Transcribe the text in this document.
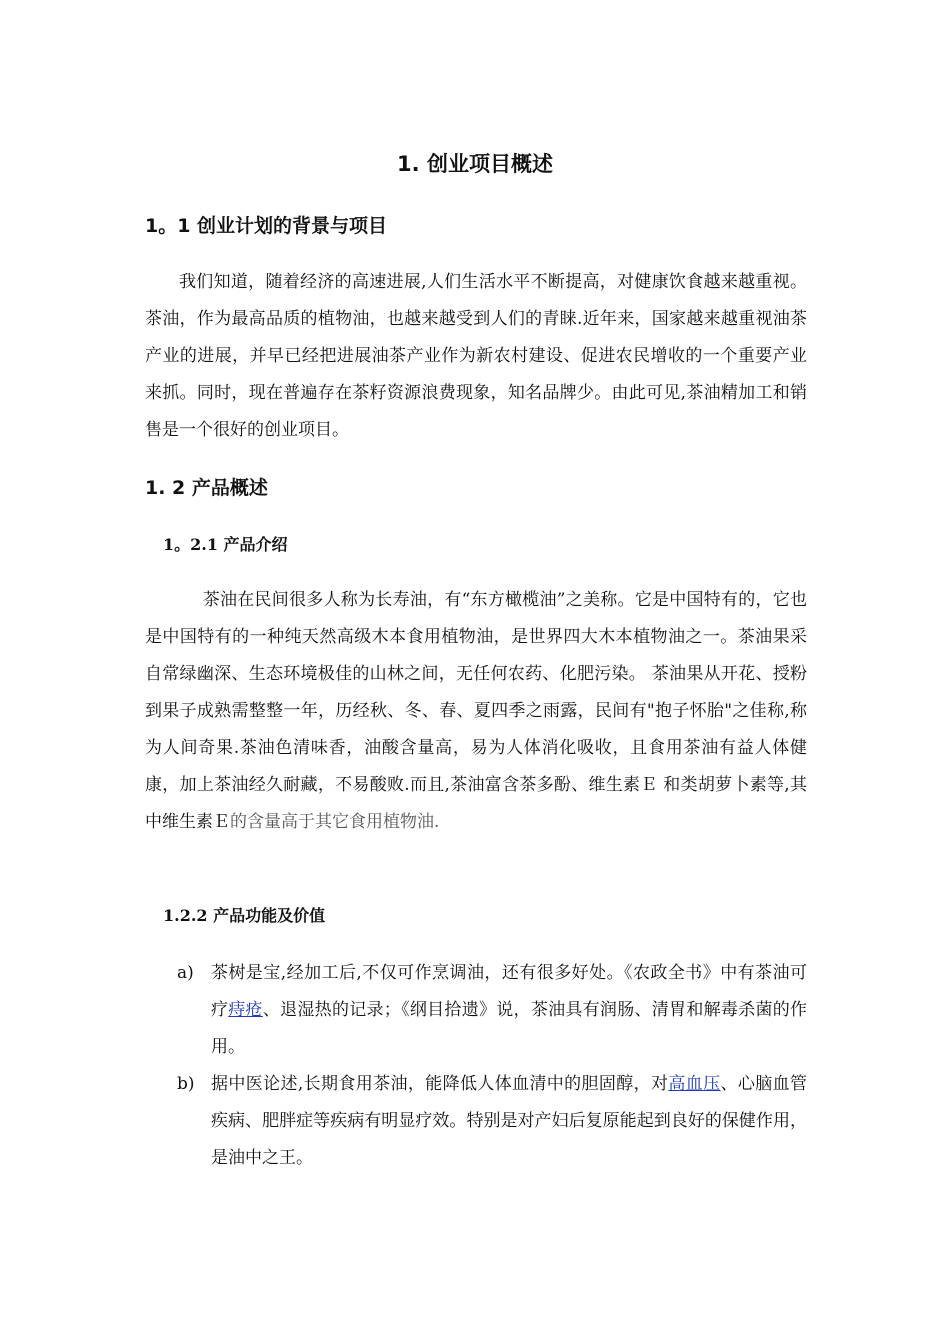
1. 创业项目概述
1。1 创业计划的背景与项目

我们知道，随着经济的高速进展,人们生活水平不断提高，对健康饮食越来越重视。茶油，作为最高品质的植物油，也越来越受到人们的青睐.近年来，国家越来越重视油茶产业的进展，并早已经把进展油茶产业作为新农村建设、促进农民增收的一个重要产业来抓。同时，现在普遍存在茶籽资源浪费现象，知名品牌少。由此可见,茶油精加工和销售是一个很好的创业项目。

1. 2 产品概述
1。2.1 产品介绍

茶油在民间很多人称为长寿油，有“东方橄榄油”之美称。它是中国特有的，它也是中国特有的一种纯天然高级木本食用植物油，是世界四大木本植物油之一。茶油果采自常绿幽深、生态环境极佳的山林之间，无任何农药、化肥污染。 茶油果从开花、授粉到果子成熟需整整一年，历经秋、冬、春、夏四季之雨露，民间有"抱子怀胎"之佳称,称为人间奇果.茶油色清味香，油酸含量高，易为人体消化吸收，且食用茶油有益人体健康，加上茶油经久耐藏，不易酸败.而且,茶油富含茶多酚、维生素Ｅ 和类胡萝卜素等,其中维生素Ｅ的含量高于其它食用植物油.

1.2.2 产品功能及价值
a) 茶树是宝,经加工后,不仅可作烹调油，还有很多好处。《农政全书》中有茶油可疗痔疮、退湿热的记录；《纲目拾遗》说，茶油具有润肠、清胃和解毒杀菌的作用。
b) 据中医论述,长期食用茶油，能降低人体血清中的胆固醇，对高血压、心脑血管疾病、肥胖症等疾病有明显疗效。特别是对产妇后复原能起到良好的保健作用，是油中之王。
